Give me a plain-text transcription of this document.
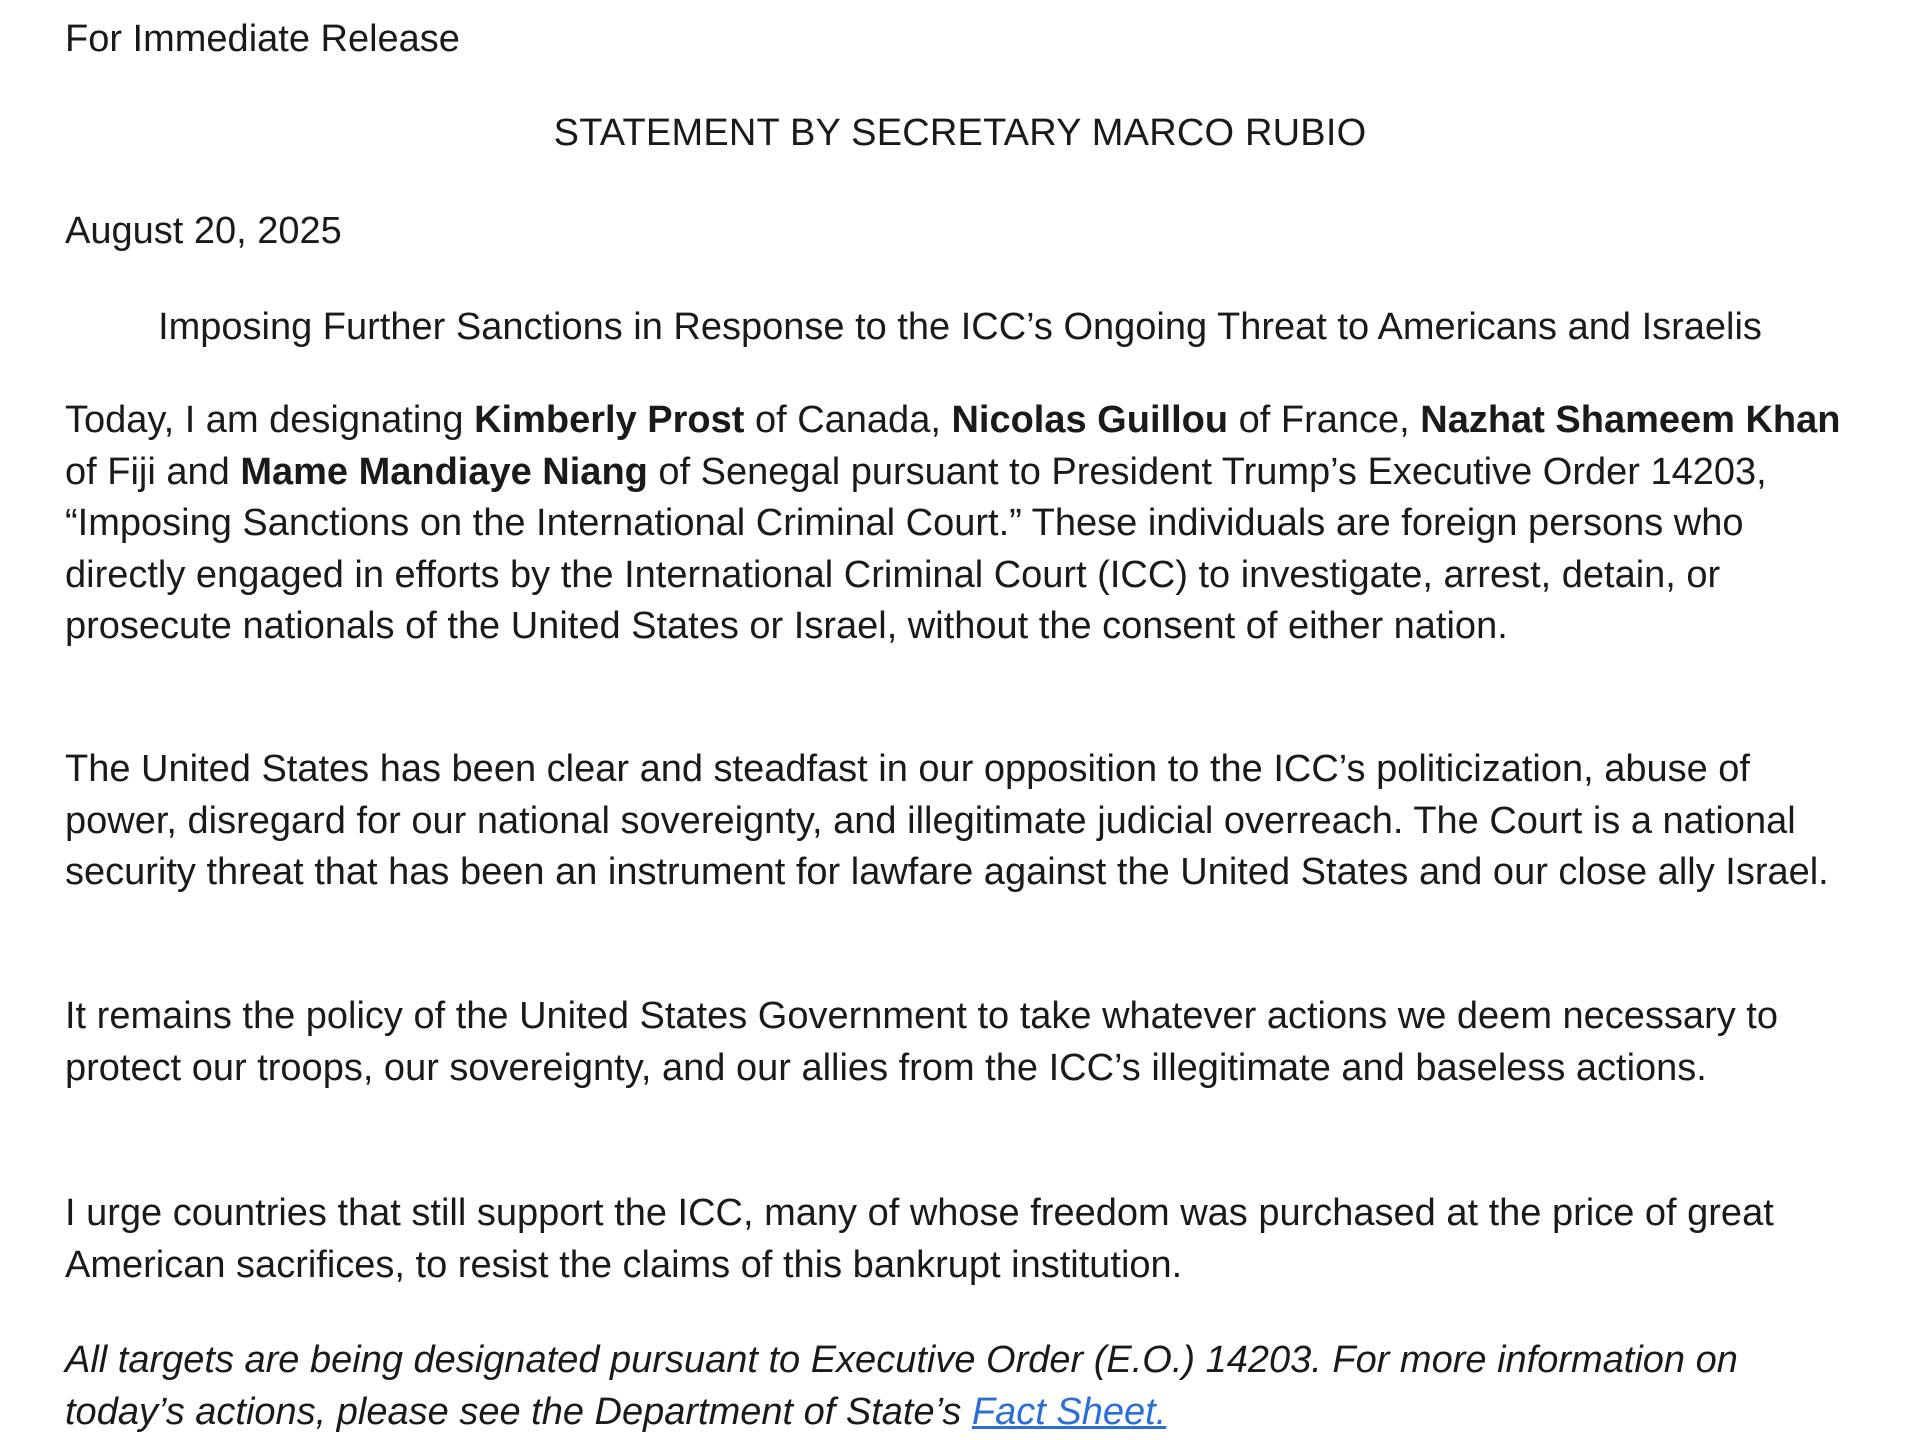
For Immediate Release

STATEMENT BY SECRETARY MARCO RUBIO

August 20, 2025

Imposing Further Sanctions in Response to the ICC’s Ongoing Threat to Americans and Israelis

Today, I am designating Kimberly Prost of Canada, Nicolas Guillou of France, Nazhat Shameem Khan of Fiji and Mame Mandiaye Niang of Senegal pursuant to President Trump’s Executive Order 14203, “Imposing Sanctions on the International Criminal Court.” These individuals are foreign persons who directly engaged in efforts by the International Criminal Court (ICC) to investigate, arrest, detain, or prosecute nationals of the United States or Israel, without the consent of either nation.

The United States has been clear and steadfast in our opposition to the ICC’s politicization, abuse of power, disregard for our national sovereignty, and illegitimate judicial overreach. The Court is a national security threat that has been an instrument for lawfare against the United States and our close ally Israel.

It remains the policy of the United States Government to take whatever actions we deem necessary to protect our troops, our sovereignty, and our allies from the ICC’s illegitimate and baseless actions.

I urge countries that still support the ICC, many of whose freedom was purchased at the price of great American sacrifices, to resist the claims of this bankrupt institution.

All targets are being designated pursuant to Executive Order (E.O.) 14203. For more information on today’s actions, please see the Department of State’s Fact Sheet.
